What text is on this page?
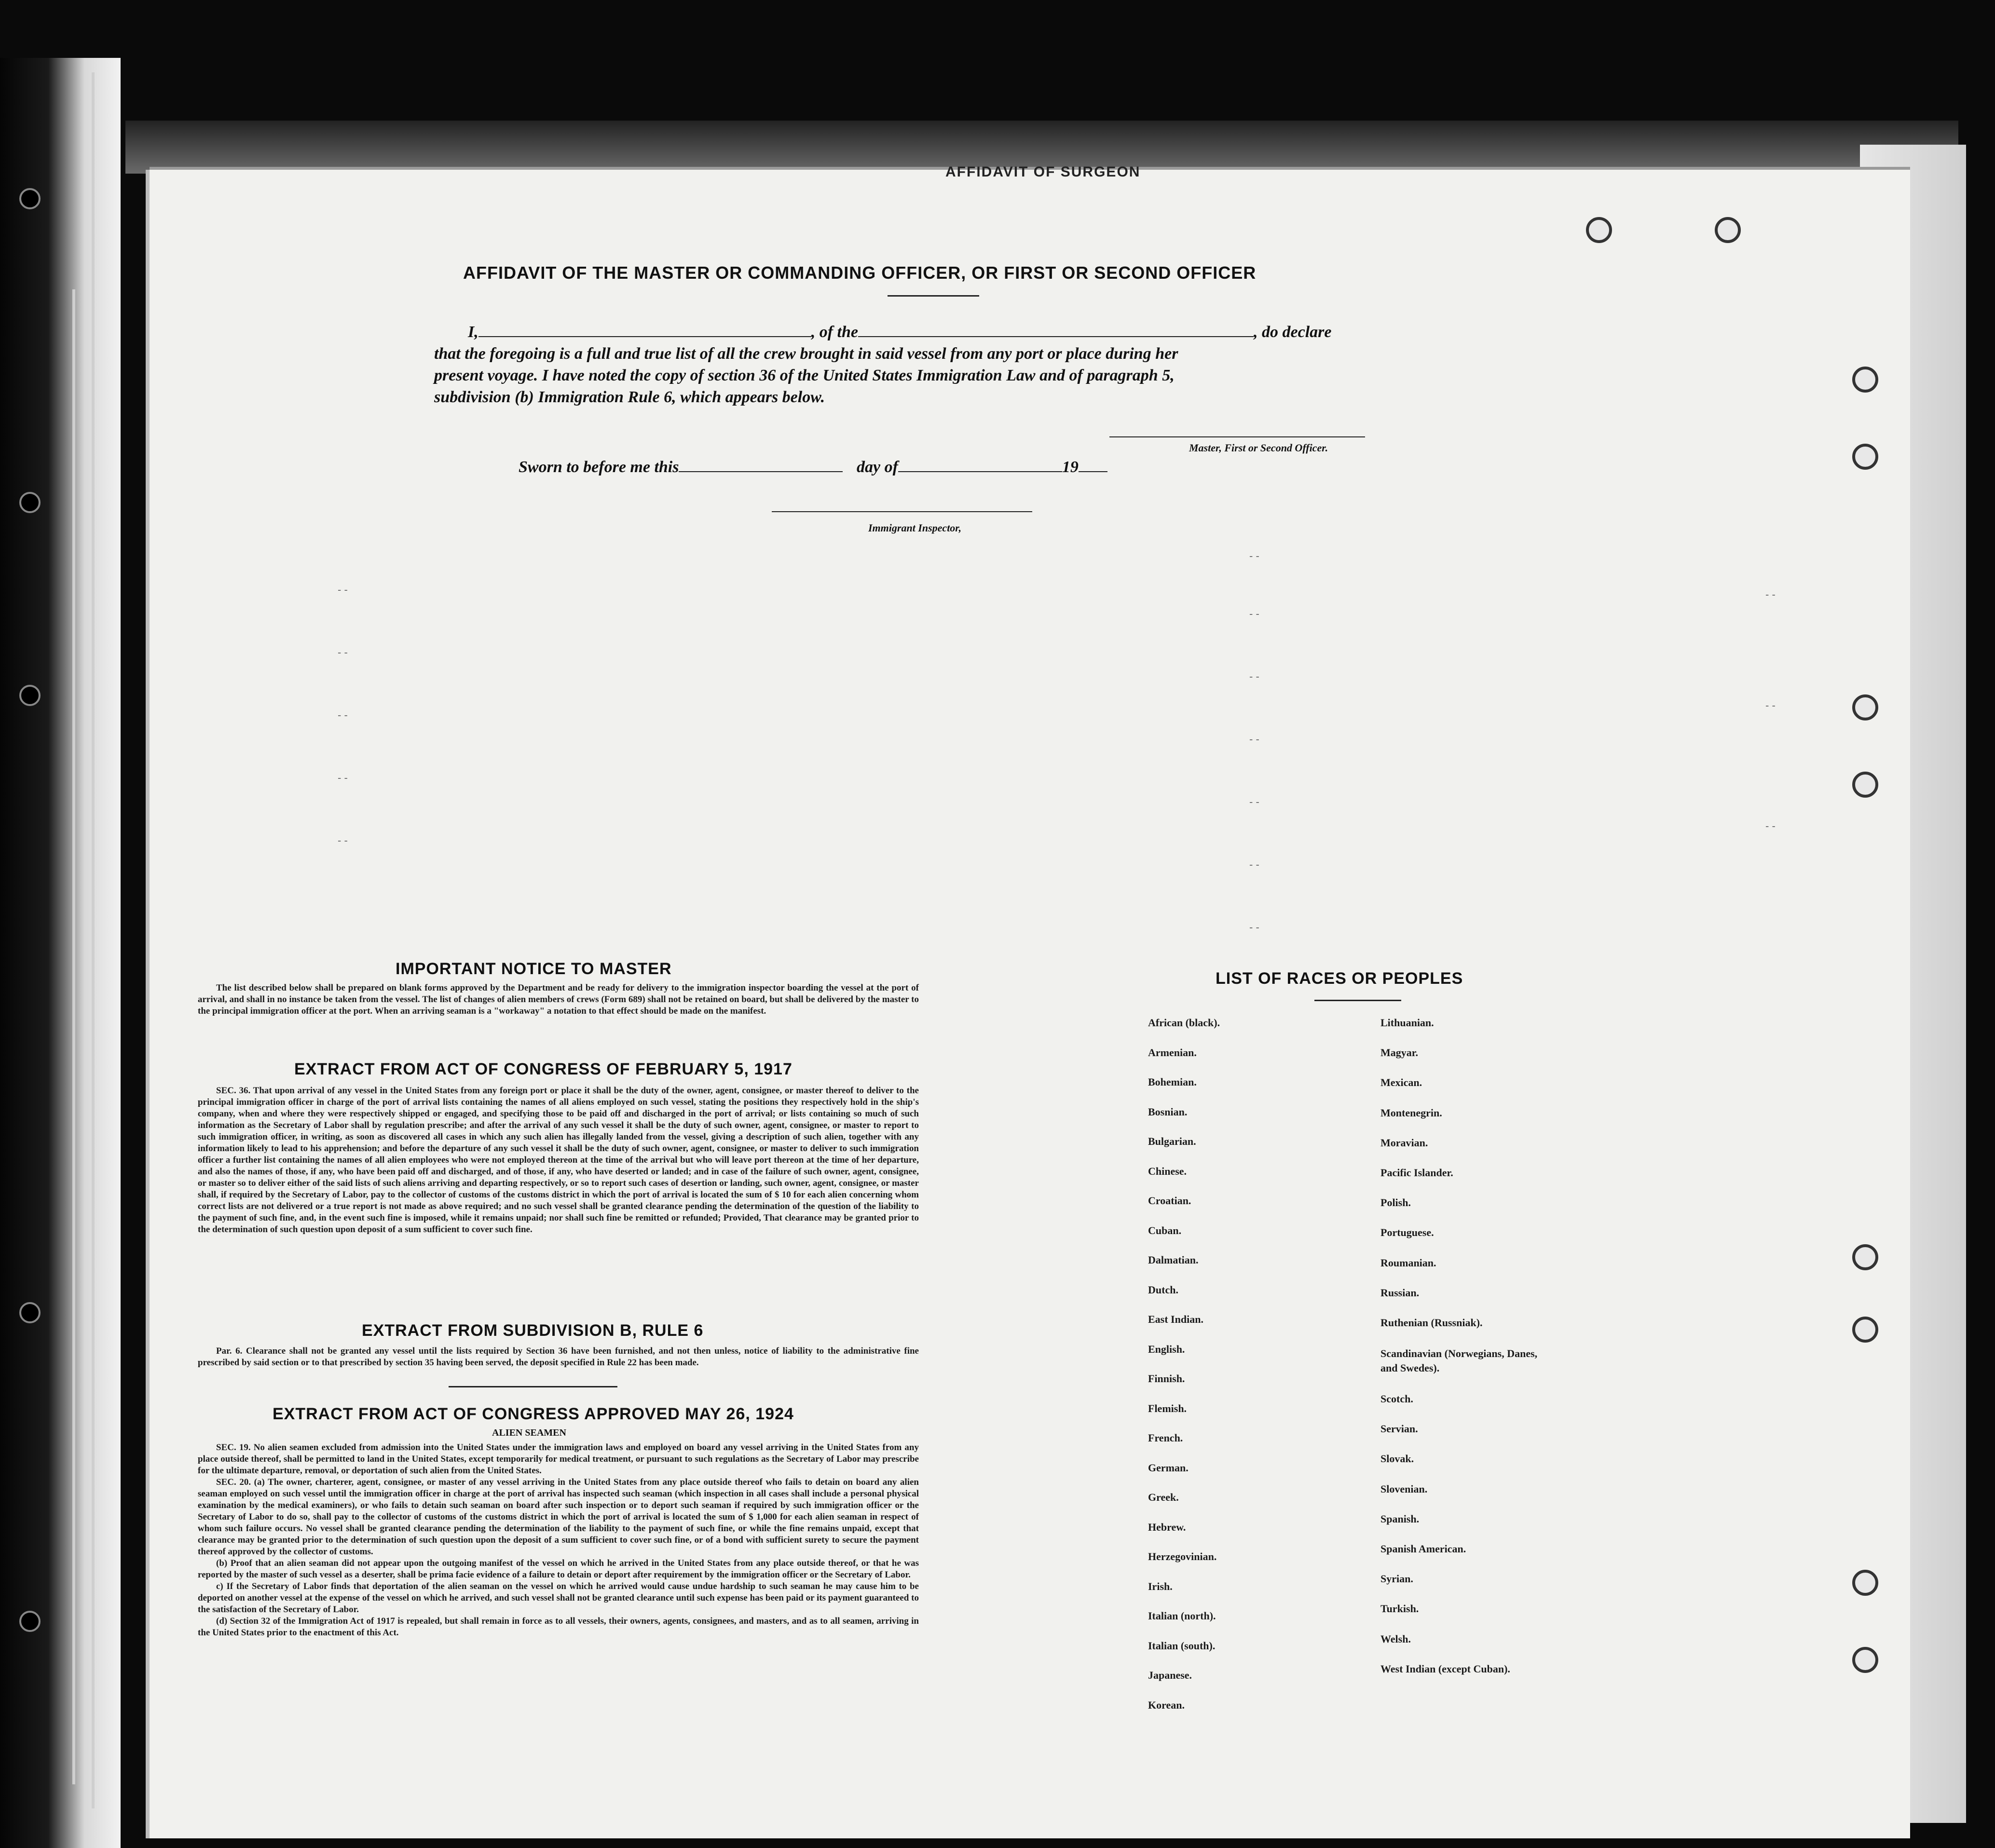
AFFIDAVIT OF SURGEON
AFFIDAVIT OF THE MASTER OR COMMANDING OFFICER, OR FIRST OR SECOND OFFICER
I,	, of the	, do declare
that the foregoing is a full and true list of all the crew brought in said vessel from any port or place during her
present voyage. I have noted the copy of section 36 of the United States Immigration Law and of paragraph 5,
subdivision (b) Immigration Rule 6, which appears below.
Master, First or Second Officer.
Sworn to before me this	day of	19
Immigrant Inspector,
- -
- -
- -
- -
- -
- -
- -
- -
- -
- -
- -
- -
- -
- -
- -
IMPORTANT NOTICE TO MASTER

The list described below shall be prepared on blank forms approved by the Department and be ready for delivery to the immigration inspector boarding the vessel at the port of arrival, and shall in no instance be taken from the vessel. The list of changes of alien members of crews (Form 689) shall not be retained on board, but shall be delivered by the master to the principal immigration officer at the port. When an arriving seaman is a "workaway" a notation to that effect should be made on the manifest.

EXTRACT FROM ACT OF CONGRESS OF FEBRUARY 5, 1917

SEC. 36. That upon arrival of any vessel in the United States from any foreign port or place it shall be the duty of the owner, agent, consignee, or master thereof to deliver to the principal immigration officer in charge of the port of arrival lists containing the names of all aliens employed on such vessel, stating the positions they respectively hold in the ship's company, when and where they were respectively shipped or engaged, and specifying those to be paid off and discharged in the port of arrival; or lists containing so much of such information as the Secretary of Labor shall by regulation prescribe; and after the arrival of any such vessel it shall be the duty of such owner, agent, consignee, or master to report to such immigration officer, in writing, as soon as discovered all cases in which any such alien has illegally landed from the vessel, giving a description of such alien, together with any information likely to lead to his apprehension; and before the departure of any such vessel it shall be the duty of such owner, agent, consignee, or master to deliver to such immigration officer a further list containing the names of all alien employees who were not employed thereon at the time of the arrival but who will leave port thereon at the time of her departure, and also the names of those, if any, who have been paid off and discharged, and of those, if any, who have deserted or landed; and in case of the failure of such owner, agent, consignee, or master so to deliver either of the said lists of such aliens arriving and departing respectively, or so to report such cases of desertion or landing, such owner, agent, consignee, or master shall, if required by the Secretary of Labor, pay to the collector of customs of the customs district in which the port of arrival is located the sum of $ 10 for each alien concerning whom correct lists are not delivered or a true report is not made as above required; and no such vessel shall be granted clearance pending the determination of the question of the liability to the payment of such fine, and, in the event such fine is imposed, while it remains unpaid; nor shall such fine be remitted or refunded; Provided, That clearance may be granted prior to the determination of such question upon deposit of a sum sufficient to cover such fine.

EXTRACT FROM SUBDIVISION B, RULE 6

Par. 6. Clearance shall not be granted any vessel until the lists required by Section 36 have been furnished, and not then unless, notice of liability to the administrative fine prescribed by said section or to that prescribed by section 35 having been served, the deposit specified in Rule 22 has been made.

EXTRACT FROM ACT OF CONGRESS APPROVED MAY 26, 1924
ALIEN SEAMEN

SEC. 19. No alien seamen excluded from admission into the United States under the immigration laws and employed on board any vessel arriving in the United States from any place outside thereof, shall be permitted to land in the United States, except temporarily for medical treatment, or pursuant to such regulations as the Secretary of Labor may prescribe for the ultimate departure, removal, or deportation of such alien from the United States.

SEC. 20. (a) The owner, charterer, agent, consignee, or master of any vessel arriving in the United States from any place outside thereof who fails to detain on board any alien seaman employed on such vessel until the immigration officer in charge at the port of arrival has inspected such seaman (which inspection in all cases shall include a personal physical examination by the medical examiners), or who fails to detain such seaman on board after such inspection or to deport such seaman if required by such immigration officer or the Secretary of Labor to do so, shall pay to the collector of customs of the customs district in which the port of arrival is located the sum of $ 1,000 for each alien seaman in respect of whom such failure occurs. No vessel shall be granted clearance pending the determination of the liability to the payment of such fine, or while the fine remains unpaid, except that clearance may be granted prior to the determination of such question upon the deposit of a sum sufficient to cover such fine, or of a bond with sufficient surety to secure the payment thereof approved by the collector of customs.

(b) Proof that an alien seaman did not appear upon the outgoing manifest of the vessel on which he arrived in the United States from any place outside thereof, or that he was reported by the master of such vessel as a deserter, shall be prima facie evidence of a failure to detain or deport after requirement by the immigration officer or the Secretary of Labor.

c) If the Secretary of Labor finds that deportation of the alien seaman on the vessel on which he arrived would cause undue hardship to such seaman he may cause him to be deported on another vessel at the expense of the vessel on which he arrived, and such vessel shall not be granted clearance until such expense has been paid or its payment guaranteed to the satisfaction of the Secretary of Labor.

(d) Section 32 of the Immigration Act of 1917 is repealed, but shall remain in force as to all vessels, their owners, agents, consignees, and masters, and as to all seamen, arriving in the United States prior to the enactment of this Act.

LIST OF RACES OR PEOPLES
African (black).
Armenian.
Bohemian.
Bosnian.
Bulgarian.
Chinese.
Croatian.
Cuban.
Dalmatian.
Dutch.
East Indian.
English.
Finnish.
Flemish.
French.
German.
Greek.
Hebrew.
Herzegovinian.
Irish.
Italian (north).
Italian (south).
Japanese.
Korean.
Lithuanian.
Magyar.
Mexican.
Montenegrin.
Moravian.
Pacific Islander.
Polish.
Portuguese.
Roumanian.
Russian.
Ruthenian (Russniak).
Scandinavian (Norwegians, Danes, and Swedes).
Scotch.
Servian.
Slovak.
Slovenian.
Spanish.
Spanish American.
Syrian.
Turkish.
Welsh.
West Indian (except Cuban).
